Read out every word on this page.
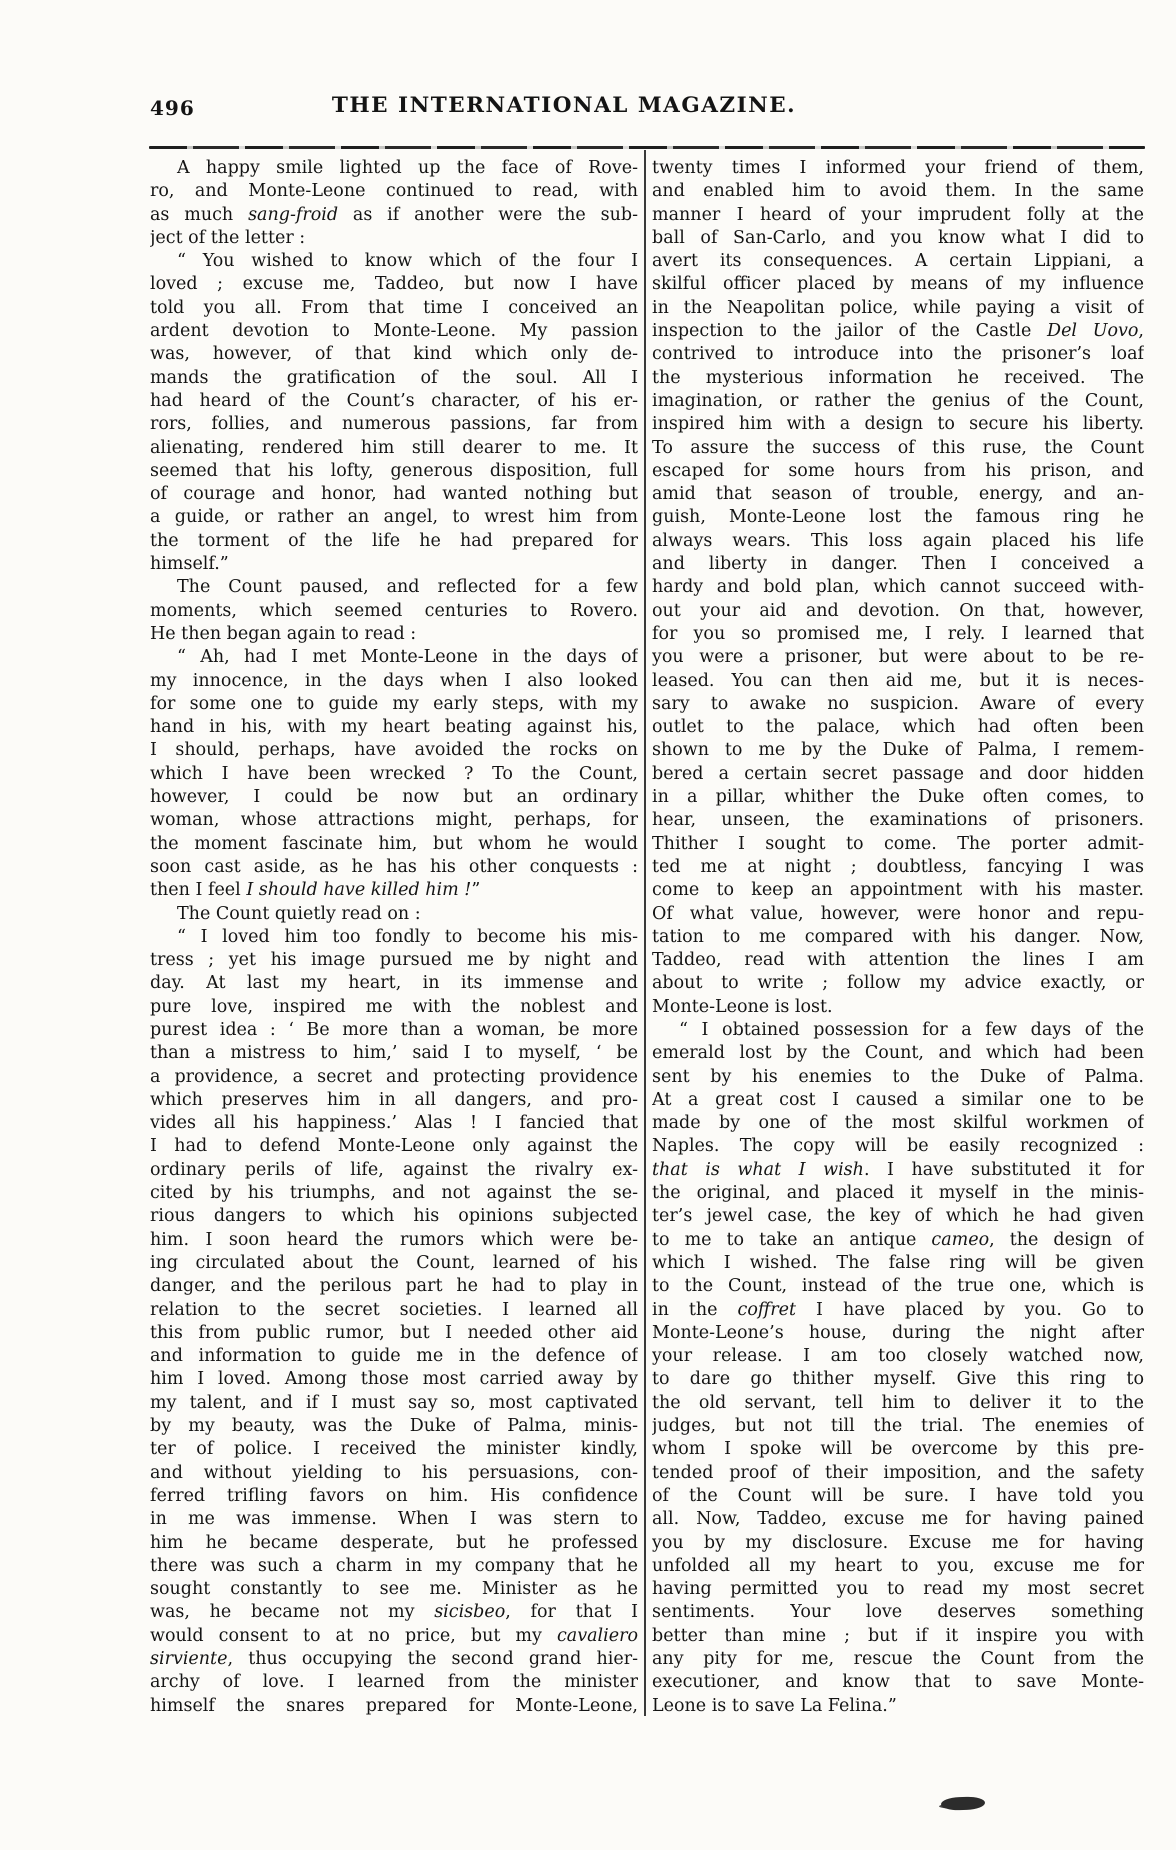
496	THE INTERNATIONAL MAGAZINE.
A happy smile lighted up the face of Rove-
ro, and Monte-Leone continued to read, with
as much sang-froid as if another were the sub-
ject of the letter :
“ You wished to know which of the four I
loved ; excuse me, Taddeo, but now I have
told you all. From that time I conceived an
ardent devotion to Monte-Leone. My passion
was, however, of that kind which only de-
mands the gratification of the soul. All I
had heard of the Count’s character, of his er-
rors, follies, and numerous passions, far from
alienating, rendered him still dearer to me. It
seemed that his lofty, generous disposition, full
of courage and honor, had wanted nothing but
a guide, or rather an angel, to wrest him from
the torment of the life he had prepared for
himself.”
The Count paused, and reflected for a few
moments, which seemed centuries to Rovero.
He then began again to read :
“ Ah, had I met Monte-Leone in the days of
my innocence, in the days when I also looked
for some one to guide my early steps, with my
hand in his, with my heart beating against his,
I should, perhaps, have avoided the rocks on
which I have been wrecked ? To the Count,
however, I could be now but an ordinary
woman, whose attractions might, perhaps, for
the moment fascinate him, but whom he would
soon cast aside, as he has his other conquests :
then I feel I should have killed him !”
The Count quietly read on :
“ I loved him too fondly to become his mis-
tress ; yet his image pursued me by night and
day. At last my heart, in its immense and
pure love, inspired me with the noblest and
purest idea : ‘ Be more than a woman, be more
than a mistress to him,’ said I to myself, ‘ be
a providence, a secret and protecting providence
which preserves him in all dangers, and pro-
vides all his happiness.’ Alas ! I fancied that
I had to defend Monte-Leone only against the
ordinary perils of life, against the rivalry ex-
cited by his triumphs, and not against the se-
rious dangers to which his opinions subjected
him. I soon heard the rumors which were be-
ing circulated about the Count, learned of his
danger, and the perilous part he had to play in
relation to the secret societies. I learned all
this from public rumor, but I needed other aid
and information to guide me in the defence of
him I loved. Among those most carried away by
my talent, and if I must say so, most captivated
by my beauty, was the Duke of Palma, minis-
ter of police. I received the minister kindly,
and without yielding to his persuasions, con-
ferred trifling favors on him. His confidence
in me was immense. When I was stern to
him he became desperate, but he professed
there was such a charm in my company that he
sought constantly to see me. Minister as he
was, he became not my sicisbeo, for that I
would consent to at no price, but my cavaliero
sirviente, thus occupying the second grand hier-
archy of love. I learned from the minister
himself the snares prepared for Monte-Leone,
twenty times I informed your friend of them,
and enabled him to avoid them. In the same
manner I heard of your imprudent folly at the
ball of San-Carlo, and you know what I did to
avert its consequences. A certain Lippiani, a
skilful officer placed by means of my influence
in the Neapolitan police, while paying a visit of
inspection to the jailor of the Castle Del Uovo,
contrived to introduce into the prisoner’s loaf
the mysterious information he received. The
imagination, or rather the genius of the Count,
inspired him with a design to secure his liberty.
To assure the success of this ruse, the Count
escaped for some hours from his prison, and
amid that season of trouble, energy, and an-
guish, Monte-Leone lost the famous ring he
always wears. This loss again placed his life
and liberty in danger. Then I conceived a
hardy and bold plan, which cannot succeed with-
out your aid and devotion. On that, however,
for you so promised me, I rely. I learned that
you were a prisoner, but were about to be re-
leased. You can then aid me, but it is neces-
sary to awake no suspicion. Aware of every
outlet to the palace, which had often been
shown to me by the Duke of Palma, I remem-
bered a certain secret passage and door hidden
in a pillar, whither the Duke often comes, to
hear, unseen, the examinations of prisoners.
Thither I sought to come. The porter admit-
ted me at night ; doubtless, fancying I was
come to keep an appointment with his master.
Of what value, however, were honor and repu-
tation to me compared with his danger. Now,
Taddeo, read with attention the lines I am
about to write ; follow my advice exactly, or
Monte-Leone is lost.
“ I obtained possession for a few days of the
emerald lost by the Count, and which had been
sent by his enemies to the Duke of Palma.
At a great cost I caused a similar one to be
made by one of the most skilful workmen of
Naples. The copy will be easily recognized :
that is what I wish. I have substituted it for
the original, and placed it myself in the minis-
ter’s jewel case, the key of which he had given
to me to take an antique cameo, the design of
which I wished. The false ring will be given
to the Count, instead of the true one, which is
in the coffret I have placed by you. Go to
Monte-Leone’s house, during the night after
your release. I am too closely watched now,
to dare go thither myself. Give this ring to
the old servant, tell him to deliver it to the
judges, but not till the trial. The enemies of
whom I spoke will be overcome by this pre-
tended proof of their imposition, and the safety
of the Count will be sure. I have told you
all. Now, Taddeo, excuse me for having pained
you by my disclosure. Excuse me for having
unfolded all my heart to you, excuse me for
having permitted you to read my most secret
sentiments. Your love deserves something
better than mine ; but if it inspire you with
any pity for me, rescue the Count from the
executioner, and know that to save Monte-
Leone is to save La Felina.”
